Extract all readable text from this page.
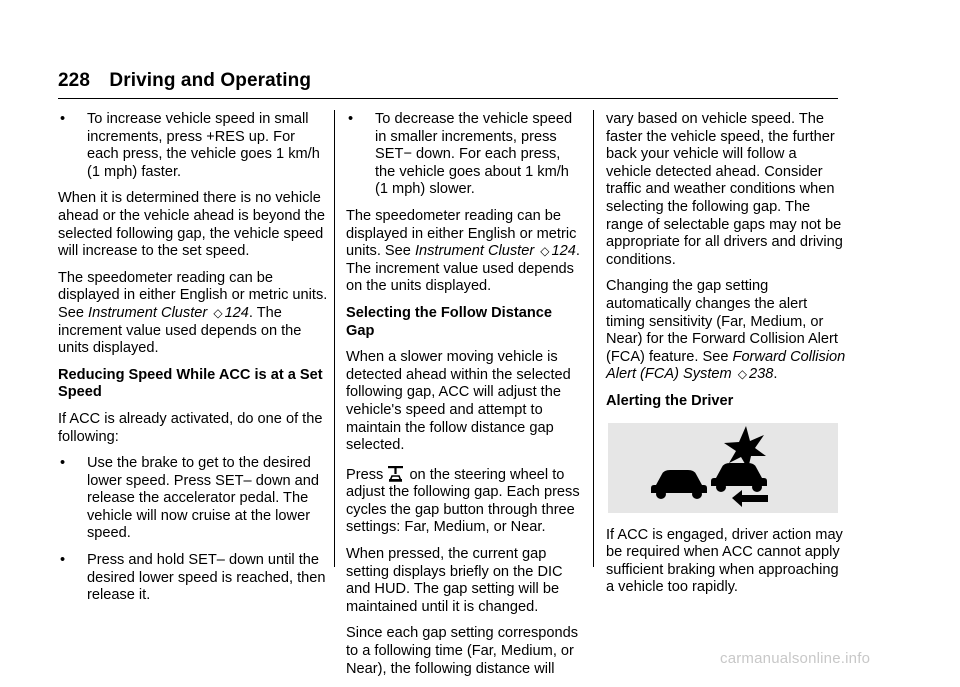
228 Driving and Operating
• To increase vehicle speed in small increments, press +RES up. For each press, the vehicle goes 1 km/h (1 mph) faster.

When it is determined there is no vehicle ahead or the vehicle ahead is beyond the selected following gap, the vehicle speed will increase to the set speed.

The speedometer reading can be displayed in either English or metric units. See Instrument Cluster ◇ 124. The increment value used depends on the units displayed.

Reducing Speed While ACC is at a Set Speed

If ACC is already activated, do one of the following:

• Use the brake to get to the desired lower speed. Press SET– down and release the accelerator pedal. The vehicle will now cruise at the lower speed.
• Press and hold SET– down until the desired lower speed is reached, then release it.
• To decrease the vehicle speed in smaller increments, press SET− down. For each press, the vehicle goes about 1 km/h (1 mph) slower.

The speedometer reading can be displayed in either English or metric units. See Instrument Cluster ◇ 124. The increment value used depends on the units displayed.

Selecting the Follow Distance Gap

When a slower moving vehicle is detected ahead within the selected following gap, ACC will adjust the vehicle's speed and attempt to maintain the follow distance gap selected.

Press on the steering wheel to adjust the following gap. Each press cycles the gap button through three settings: Far, Medium, or Near.

When pressed, the current gap setting displays briefly on the DIC and HUD. The gap setting will be maintained until it is changed.

Since each gap setting corresponds to a following time (Far, Medium, or Near), the following distance will

vary based on vehicle speed. The faster the vehicle speed, the further back your vehicle will follow a vehicle detected ahead. Consider traffic and weather conditions when selecting the following gap. The range of selectable gaps may not be appropriate for all drivers and driving conditions.

Changing the gap setting automatically changes the alert timing sensitivity (Far, Medium, or Near) for the Forward Collision Alert (FCA) feature. See Forward Collision Alert (FCA) System ◇ 238.

Alerting the Driver

If ACC is engaged, driver action may be required when ACC cannot apply sufficient braking when approaching a vehicle too rapidly.

carmanualsonline.info
